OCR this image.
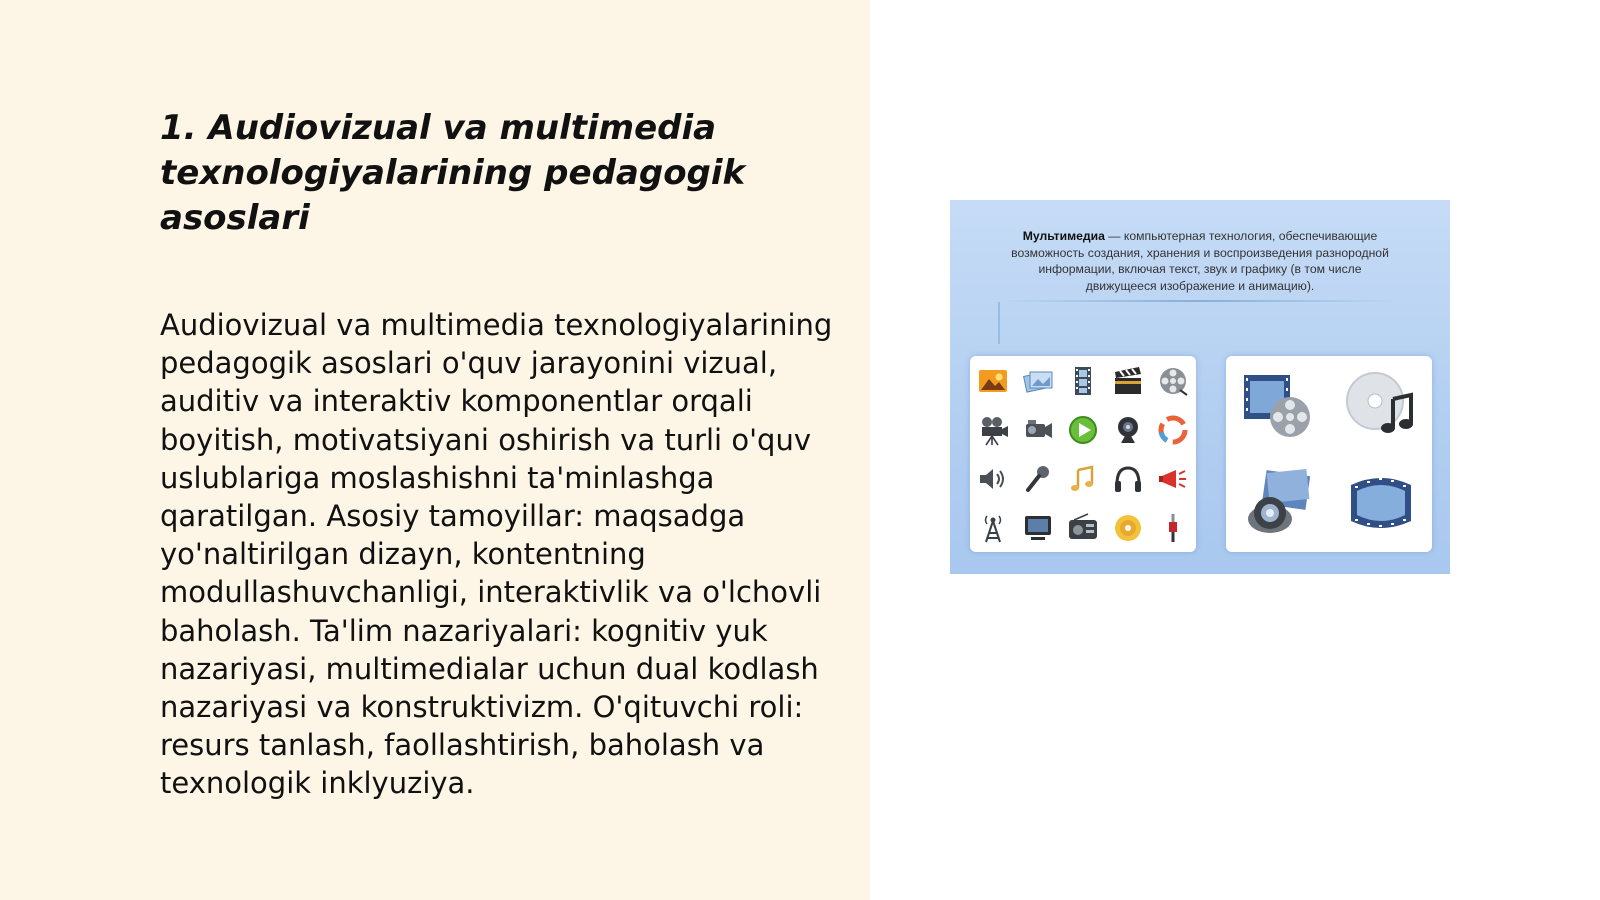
1. Audiovizual va multimedia texnologiyalarining pedagogik asoslari

Audiovizual va multimedia texnologiyalarining pedagogik asoslari o'quv jarayonini vizual, auditiv va interaktiv komponentlar orqali boyitish, motivatsiyani oshirish va turli o'quv uslublariga moslashishni ta'minlashga qaratilgan. Asosiy tamoyillar: maqsadga yo'naltirilgan dizayn, kontentning modullashuvchanligi, interaktivlik va o'lchovli baholash. Ta'lim nazariyalari: kognitiv yuk nazariyasi, multimedialar uchun dual kodlash nazariyasi va konstruktivizm. O'qituvchi roli: resurs tanlash, faollashtirish, baholash va texnologik inklyuziya.

Мультимедиа — компьютерная технология, обеспечивающие возможность создания, хранения и воспроизведения разнородной информации, включая текст, звук и графику (в том числе движущееся изображение и анимацию).
